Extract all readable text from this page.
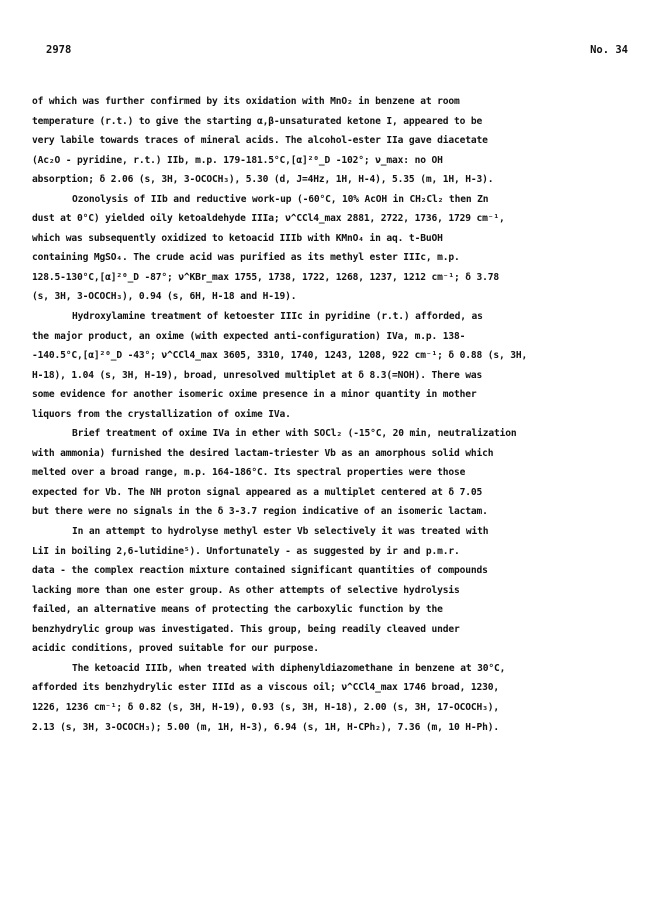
2978	No. 34
of which was further confirmed by its oxidation with MnO₂ in benzene at room
temperature (r.t.) to give the starting α,β-unsaturated ketone I, appeared to be
very labile towards traces of mineral acids. The alcohol-ester IIa gave diacetate
(Ac₂O - pyridine, r.t.) IIb, m.p. 179-181.5°C,[α]²⁰_D -102°; ν_max: no OH
absorption; δ 2.06 (s, 3H, 3-OCOCH₃), 5.30 (d, J=4Hz, 1H, H-4), 5.35 (m, 1H, H-3).
Ozonolysis of IIb and reductive work-up (-60°C, 10% AcOH in CH₂Cl₂ then Zn
dust at 0°C) yielded oily ketoaldehyde IIIa; ν^CCl4_max 2881, 2722, 1736, 1729 cm⁻¹,
which was subsequently oxidized to ketoacid IIIb with KMnO₄ in aq. t-BuOH
containing MgSO₄. The crude acid was purified as its methyl ester IIIc, m.p.
128.5-130°C,[α]²⁰_D -87°; ν^KBr_max 1755, 1738, 1722, 1268, 1237, 1212 cm⁻¹; δ 3.78
(s, 3H, 3-OCOCH₃), 0.94 (s, 6H, H-18 and H-19).
Hydroxylamine treatment of ketoester IIIc in pyridine (r.t.) afforded, as
the major product, an oxime (with expected anti-configuration) IVa, m.p. 138-
-140.5°C,[α]²⁰_D -43°; ν^CCl4_max 3605, 3310, 1740, 1243, 1208, 922 cm⁻¹; δ 0.88 (s, 3H,
H-18), 1.04 (s, 3H, H-19), broad, unresolved multiplet at δ 8.3(=NOH). There was
some evidence for another isomeric oxime presence in a minor quantity in mother
liquors from the crystallization of oxime IVa.
Brief treatment of oxime IVa in ether with SOCl₂ (-15°C, 20 min, neutralization
with ammonia) furnished the desired lactam-triester Vb as an amorphous solid which
melted over a broad range, m.p. 164-186°C. Its spectral properties were those
expected for Vb. The NH proton signal appeared as a multiplet centered at δ 7.05
but there were no signals in the δ 3-3.7 region indicative of an isomeric lactam.
In an attempt to hydrolyse methyl ester Vb selectively it was treated with
LiI in boiling 2,6-lutidine⁵). Unfortunately - as suggested by ir and p.m.r.
data - the complex reaction mixture contained significant quantities of compounds
lacking more than one ester group. As other attempts of selective hydrolysis
failed, an alternative means of protecting the carboxylic function by the
benzhydrylic group was investigated. This group, being readily cleaved under
acidic conditions, proved suitable for our purpose.
The ketoacid IIIb, when treated with diphenyldiazomethane in benzene at 30°C,
afforded its benzhydrylic ester IIId as a viscous oil; ν^CCl4_max 1746 broad, 1230,
1226, 1236 cm⁻¹; δ 0.82 (s, 3H, H-19), 0.93 (s, 3H, H-18), 2.00 (s, 3H, 17-OCOCH₃),
2.13 (s, 3H, 3-OCOCH₃); 5.00 (m, 1H, H-3), 6.94 (s, 1H, H-CPh₂), 7.36 (m, 10 H-Ph).
